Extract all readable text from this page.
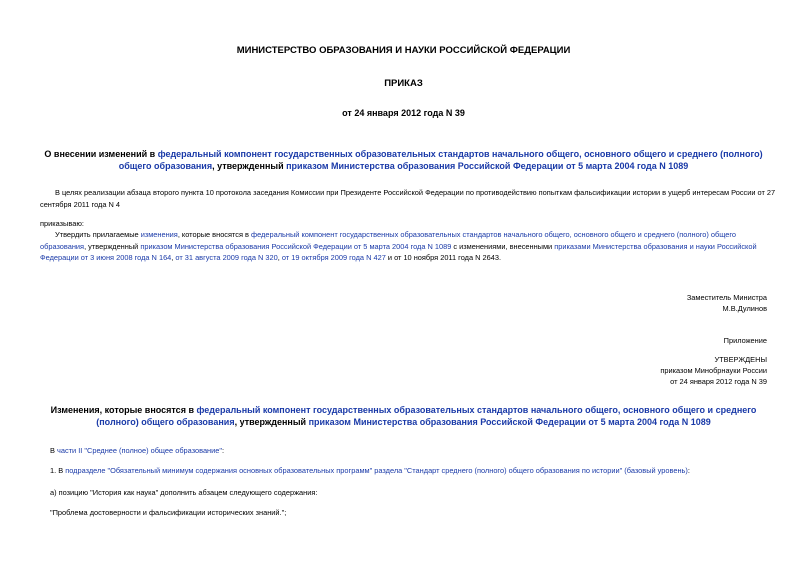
МИНИСТЕРСТВО ОБРАЗОВАНИЯ И НАУКИ РОССИЙСКОЙ ФЕДЕРАЦИИ
ПРИКАЗ
от 24 января 2012 года N 39
О внесении изменений в федеральный компонент государственных образовательных стандартов начального общего, основного общего и среднего (полного) общего образования, утвержденный приказом Министерства образования Российской Федерации от 5 марта 2004 года N 1089
В целях реализации абзаца второго пункта 10 протокола заседания Комиссии при Президенте Российской Федерации по противодействию попыткам фальсификации истории в ущерб интересам России от 27 сентября 2011 года N 4
приказываю:
Утвердить прилагаемые изменения, которые вносятся в федеральный компонент государственных образовательных стандартов начального общего, основного общего и среднего (полного) общего образования, утвержденный приказом Министерства образования Российской Федерации от 5 марта 2004 года N 1089 с изменениями, внесенными приказами Министерства образования и науки Российской Федерации от 3 июня 2008 года N 164, от 31 августа 2009 года N 320, от 19 октября 2009 года N 427 и от 10 ноября 2011 года N 2643.
Заместитель Министра
М.В.Дулинов
Приложение
УТВЕРЖДЕНЫ
приказом Минобрнауки России
от 24 января 2012 года N 39
Изменения, которые вносятся в федеральный компонент государственных образовательных стандартов начального общего, основного общего и среднего (полного) общего образования, утвержденный приказом Министерства образования Российской Федерации от 5 марта 2004 года N 1089
В части II "Среднее (полное) общее образование":
1. В подразделе "Обязательный минимум содержания основных образовательных программ" раздела "Стандарт среднего (полного) общего образования по истории" (базовый уровень):
а) позицию "История как наука" дополнить абзацем следующего содержания:
"Проблема достоверности и фальсификации исторических знаний.";
